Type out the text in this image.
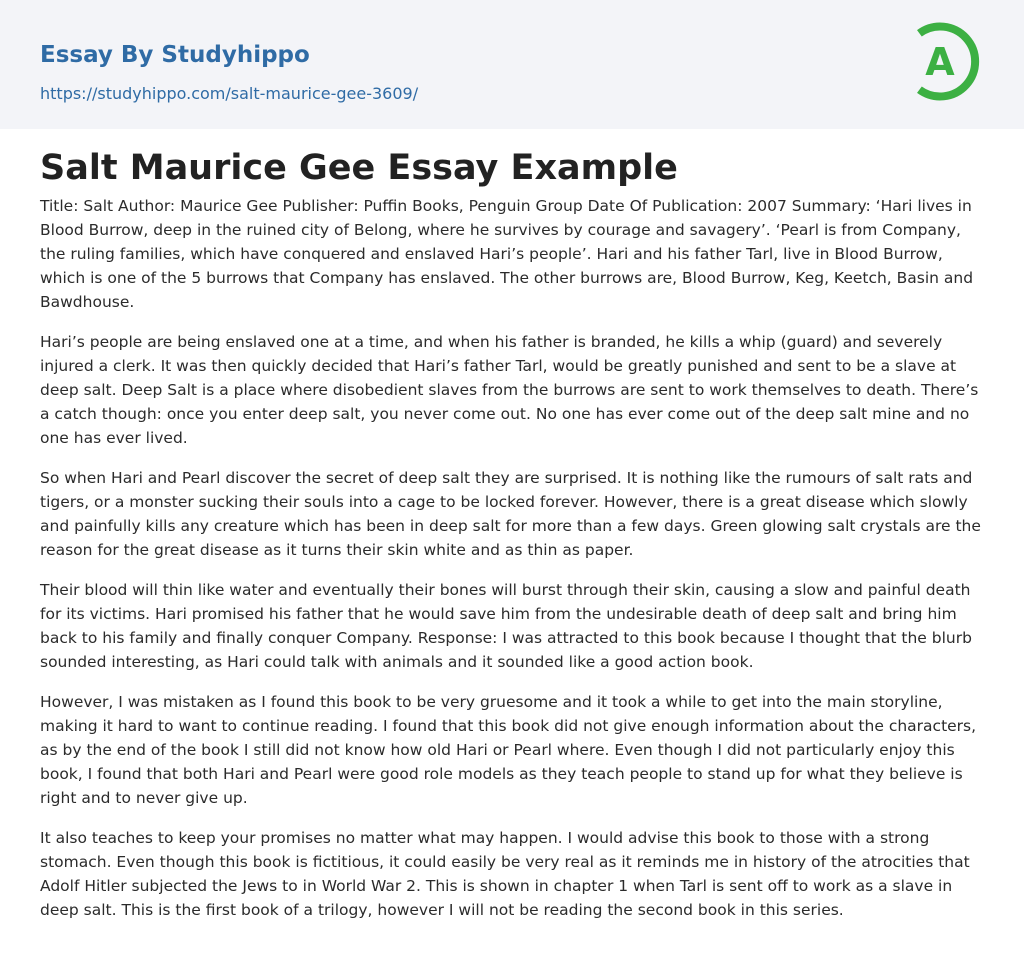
Essay By Studyhippo
https://studyhippo.com/salt-maurice-gee-3609/
A
Salt Maurice Gee Essay Example

Title: Salt Author: Maurice Gee Publisher: Puffin Books, Penguin Group Date Of Publication: 2007 Summary: ‘Hari lives in Blood Burrow, deep in the ruined city of Belong, where he survives by courage and savagery’. ‘Pearl is from Company, the ruling families, which have conquered and enslaved Hari’s people’. Hari and his father Tarl, live in Blood Burrow, which is one of the 5 burrows that Company has enslaved. The other burrows are, Blood Burrow, Keg, Keetch, Basin and Bawdhouse.

Hari’s people are being enslaved one at a time, and when his father is branded, he kills a whip (guard) and severely injured a clerk. It was then quickly decided that Hari’s father Tarl, would be greatly punished and sent to be a slave at deep salt. Deep Salt is a place where disobedient slaves from the burrows are sent to work themselves to death. There’s a catch though: once you enter deep salt, you never come out. No one has ever come out of the deep salt mine and no one has ever lived.

So when Hari and Pearl discover the secret of deep salt they are surprised. It is nothing like the rumours of salt rats and tigers, or a monster sucking their souls into a cage to be locked forever. However, there is a great disease which slowly and painfully kills any creature which has been in deep salt for more than a few days. Green glowing salt crystals are the reason for the great disease as it turns their skin white and as thin as paper.

Their blood will thin like water and eventually their bones will burst through their skin, causing a slow and painful death for its victims. Hari promised his father that he would save him from the undesirable death of deep salt and bring him back to his family and finally conquer Company. Response: I was attracted to this book because I thought that the blurb sounded interesting, as Hari could talk with animals and it sounded like a good action book.

However, I was mistaken as I found this book to be very gruesome and it took a while to get into the main storyline, making it hard to want to continue reading. I found that this book did not give enough information about the characters, as by the end of the book I still did not know how old Hari or Pearl where. Even though I did not particularly enjoy this book, I found that both Hari and Pearl were good role models as they teach people to stand up for what they believe is right and to never give up.

It also teaches to keep your promises no matter what may happen. I would advise this book to those with a strong stomach. Even though this book is fictitious, it could easily be very real as it reminds me in history of the atrocities that Adolf Hitler subjected the Jews to in World War 2. This is shown in chapter 1 when Tarl is sent off to work as a slave in deep salt. This is the first book of a trilogy, however I will not be reading the second book in this series.
